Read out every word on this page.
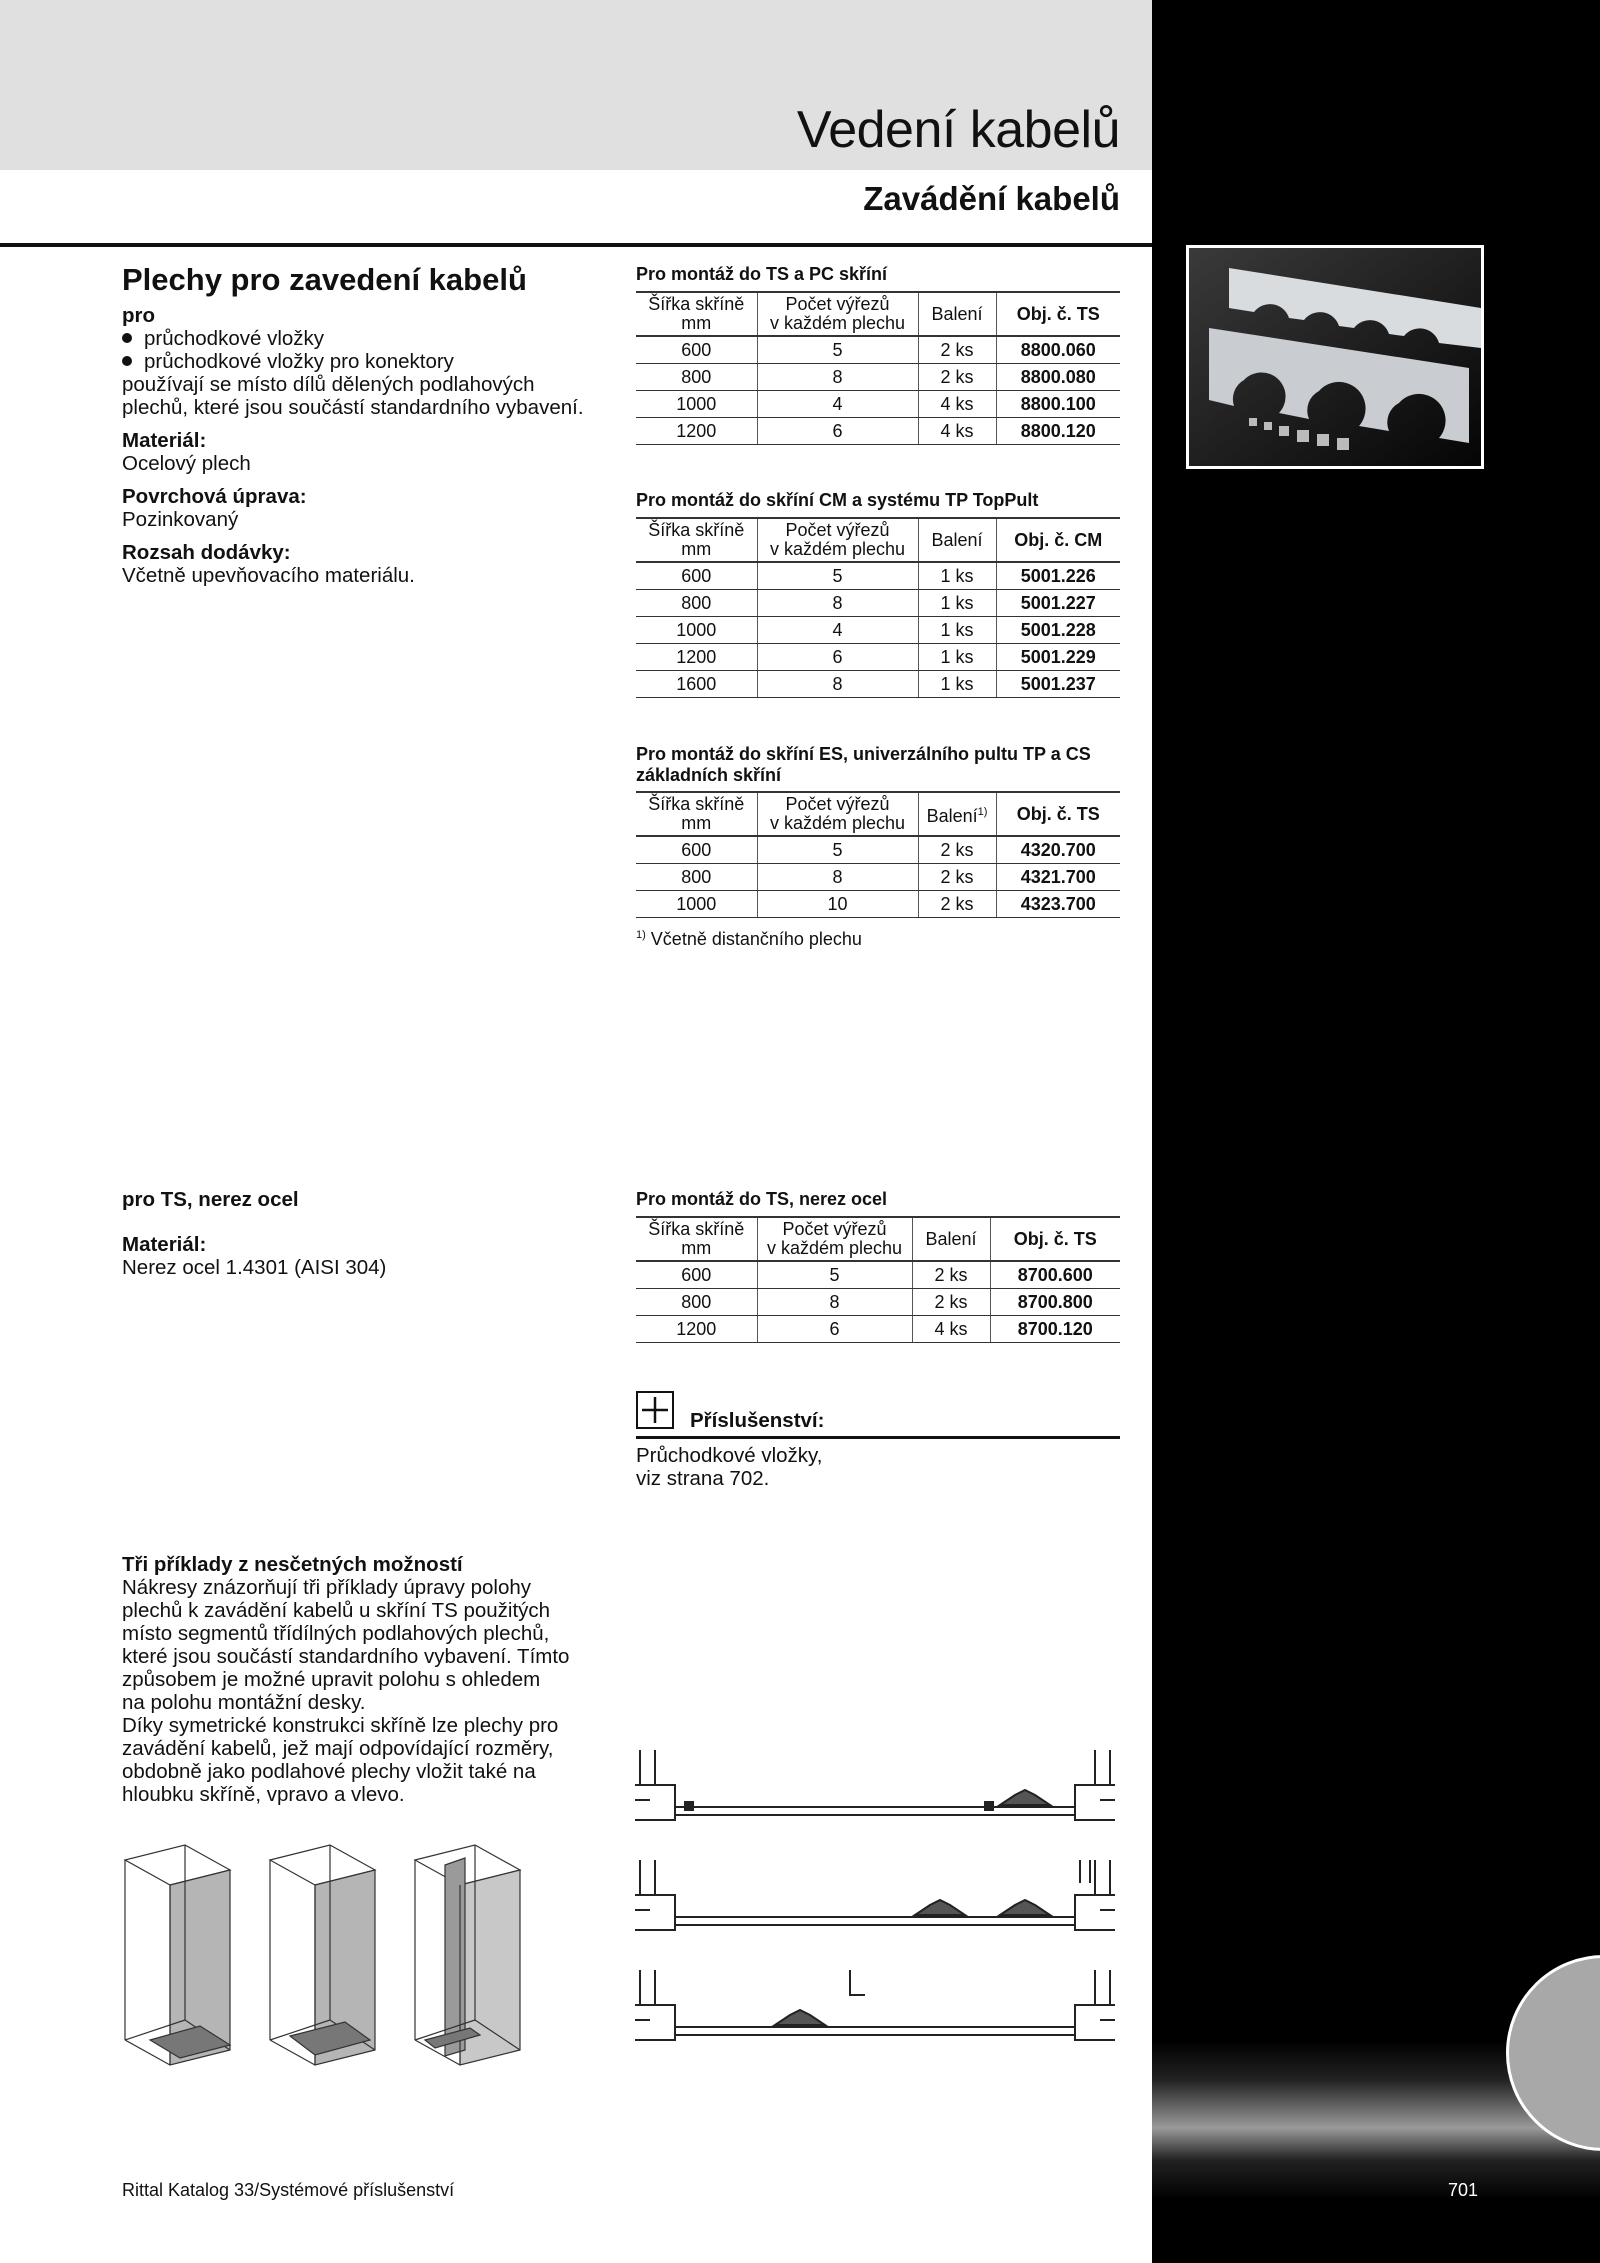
Vedení kabelů
Zavádění kabelů
Plechy pro zavedení kabelů
pro
průchodkové vložky
průchodkové vložky pro konektory
používají se místo dílů dělených podlahových
plechů, které jsou součástí standardního vybavení.
Materiál:
Ocelový plech
Povrchová úprava:
Pozinkovaný
Rozsah dodávky:
Včetně upevňovacího materiálu.
Pro montáž do TS a PC skříní
Šířka skříně
mm	Počet výřezů
v každém plechu	Balení	Obj. č. TS
600	5	2 ks	8800.060
800	8	2 ks	8800.080
1000	4	4 ks	8800.100
1200	6	4 ks	8800.120
Pro montáž do skříní CM a systému TP TopPult
Šířka skříně
mm	Počet výřezů
v každém plechu	Balení	Obj. č. CM
600	5	1 ks	5001.226
800	8	1 ks	5001.227
1000	4	1 ks	5001.228
1200	6	1 ks	5001.229
1600	8	1 ks	5001.237
Pro montáž do skříní ES, univerzálního pultu TP a CS
základních skříní
Šířka skříně
mm	Počet výřezů
v každém plechu	Balení$^{1)}$	Obj. č. TS
600	5	2 ks	4320.700
800	8	2 ks	4321.700
1000	10	2 ks	4323.700
$^{1)}$ Včetně distančního plechu
pro TS, nerez ocel
Materiál:
Nerez ocel 1.4301 (AISI 304)
Pro montáž do TS, nerez ocel
Šířka skříně
mm	Počet výřezů
v každém plechu	Balení	Obj. č. TS
600	5	2 ks	8700.600
800	8	2 ks	8700.800
1200	6	4 ks	8700.120
Příslušenství:
Průchodkové vložky,
viz strana 702.
Tři příklady z nesčetných možností
Nákresy znázorňují tři příklady úpravy polohy
plechů k zavádění kabelů u skříní TS použitých
místo segmentů třídílných podlahových plechů,
které jsou součástí standardního vybavení. Tímto
způsobem je možné upravit polohu s ohledem
na polohu montážní desky.
Díky symetrické konstrukci skříně lze plechy pro
zavádění kabelů, jež mají odpovídající rozměry,
obdobně jako podlahové plechy vložit také na
hloubku skříně, vpravo a vlevo.
Rittal Katalog 33/Systémové příslušenství	701
